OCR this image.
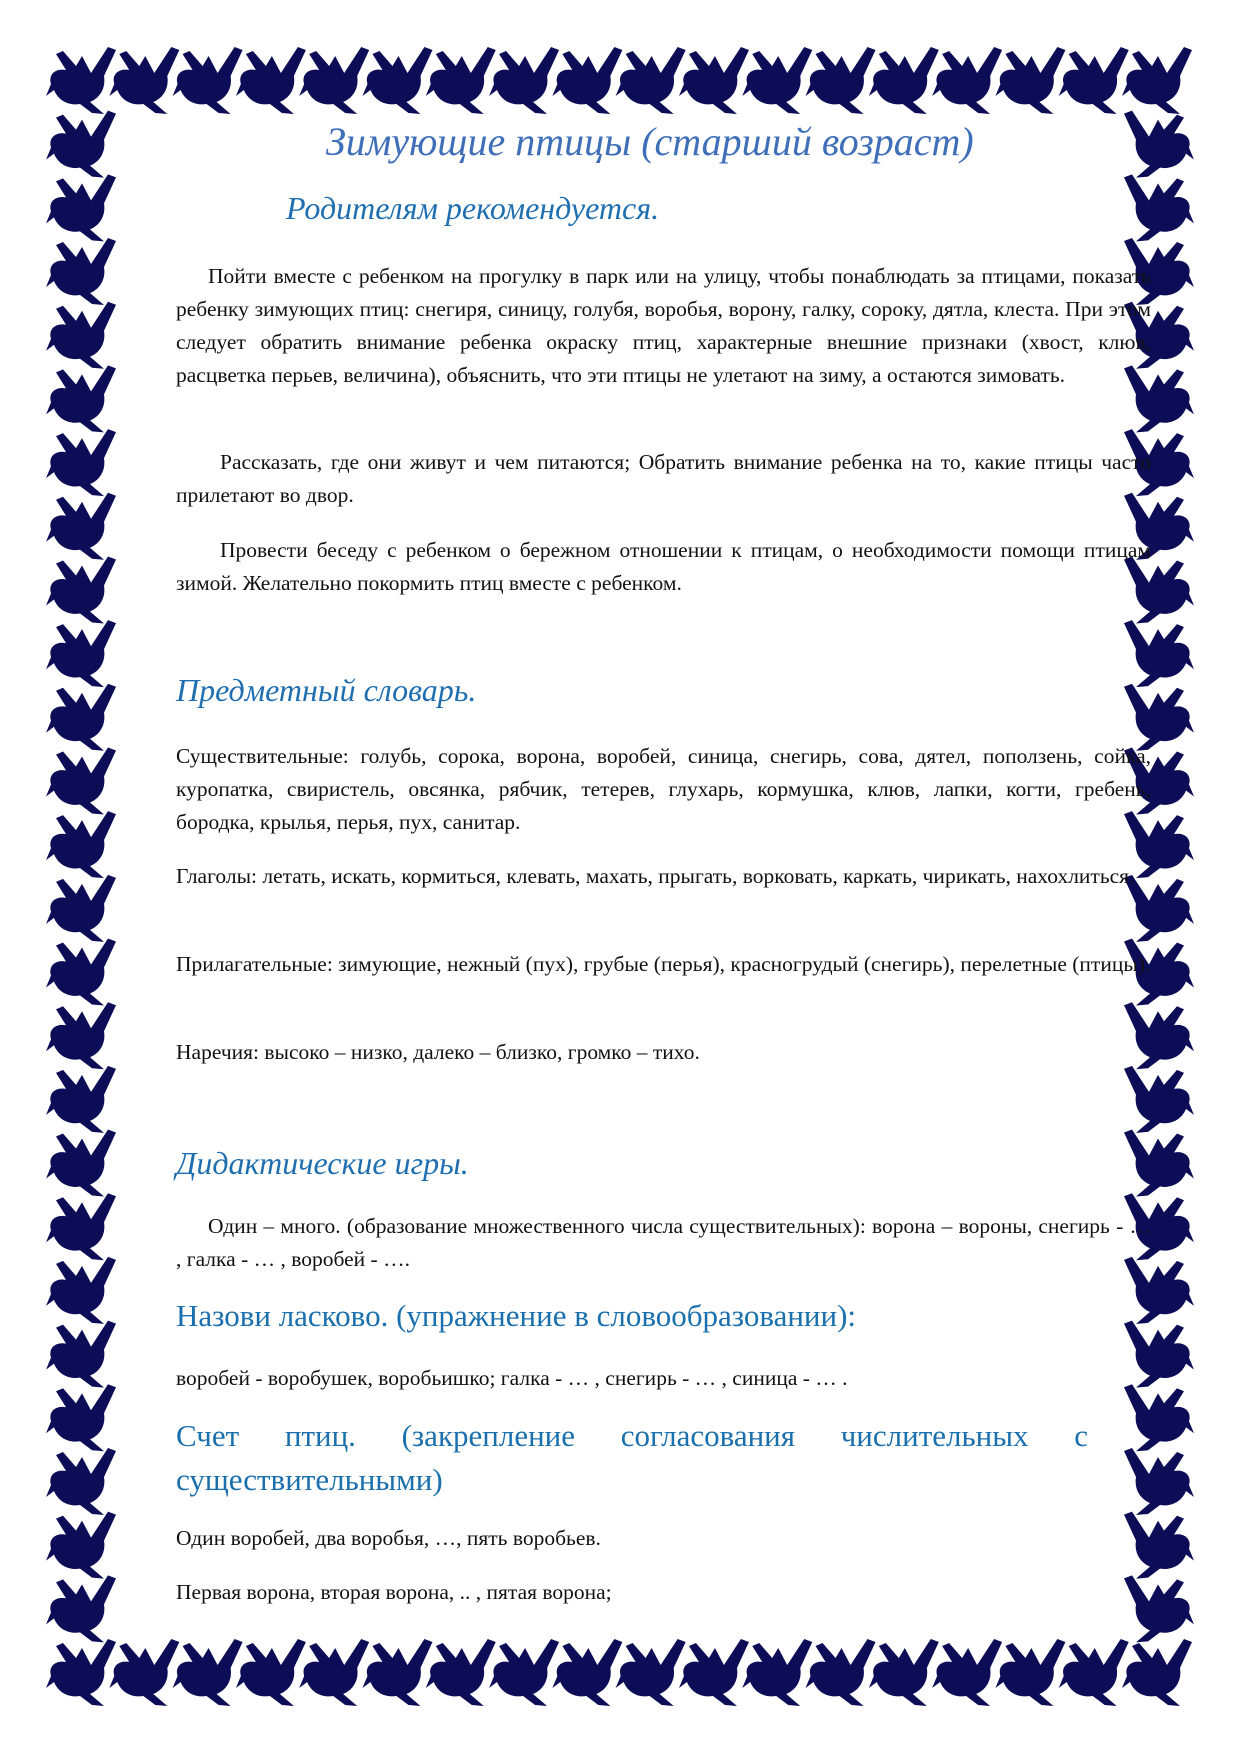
Зимующие птицы (старший возраст)
Родителям рекомендуется.

Пойти вместе с ребенком на прогулку в парк или на улицу, чтобы понаблюдать за птицами, показать ребенку зимующих птиц: снегиря, синицу, голубя, воробья, ворону, галку, сороку, дятла, клеста. При этом следует обратить внимание ребенка окраску птиц, характерные внешние признаки (хвост, клюв, расцветка перьев, величина), объяснить, что эти птицы не улетают на зиму, а остаются зимовать.

Рассказать, где они живут и чем питаются; Обратить внимание ребенка на то, какие птицы часто прилетают во двор.

Провести беседу с ребенком о бережном отношении к птицам, о необходимости помощи птицам зимой. Желательно покормить птиц вместе с ребенком.

Предметный словарь.

Существительные: голубь, сорока, ворона, воробей, синица, снегирь, сова, дятел, поползень, сойка, куропатка, свиристель, овсянка, рябчик, тетерев, глухарь, кормушка, клюв, лапки, когти, гребень, бородка, крылья, перья, пух, санитар.

Глаголы: летать, искать, кормиться, клевать, махать, прыгать, ворковать, каркать, чирикать, нахохлиться.

Прилагательные: зимующие, нежный (пух), грубые (перья), красногрудый (снегирь), перелетные (птицы).

Наречия: высоко – низко, далеко – близко, громко – тихо.

Дидактические игры.

Один – много. (образование множественного числа существительных): ворона – вороны, снегирь - … , галка - … , воробей - ….

Назови ласково. (упражнение в словообразовании):

воробей - воробушек, воробьишко; галка - … , снегирь - … , синица - … .

Счет птиц. (закрепление согласования числительных с существительными)

Один воробей, два воробья, …, пять воробьев.

Первая ворона, вторая ворона, .. , пятая ворона;
